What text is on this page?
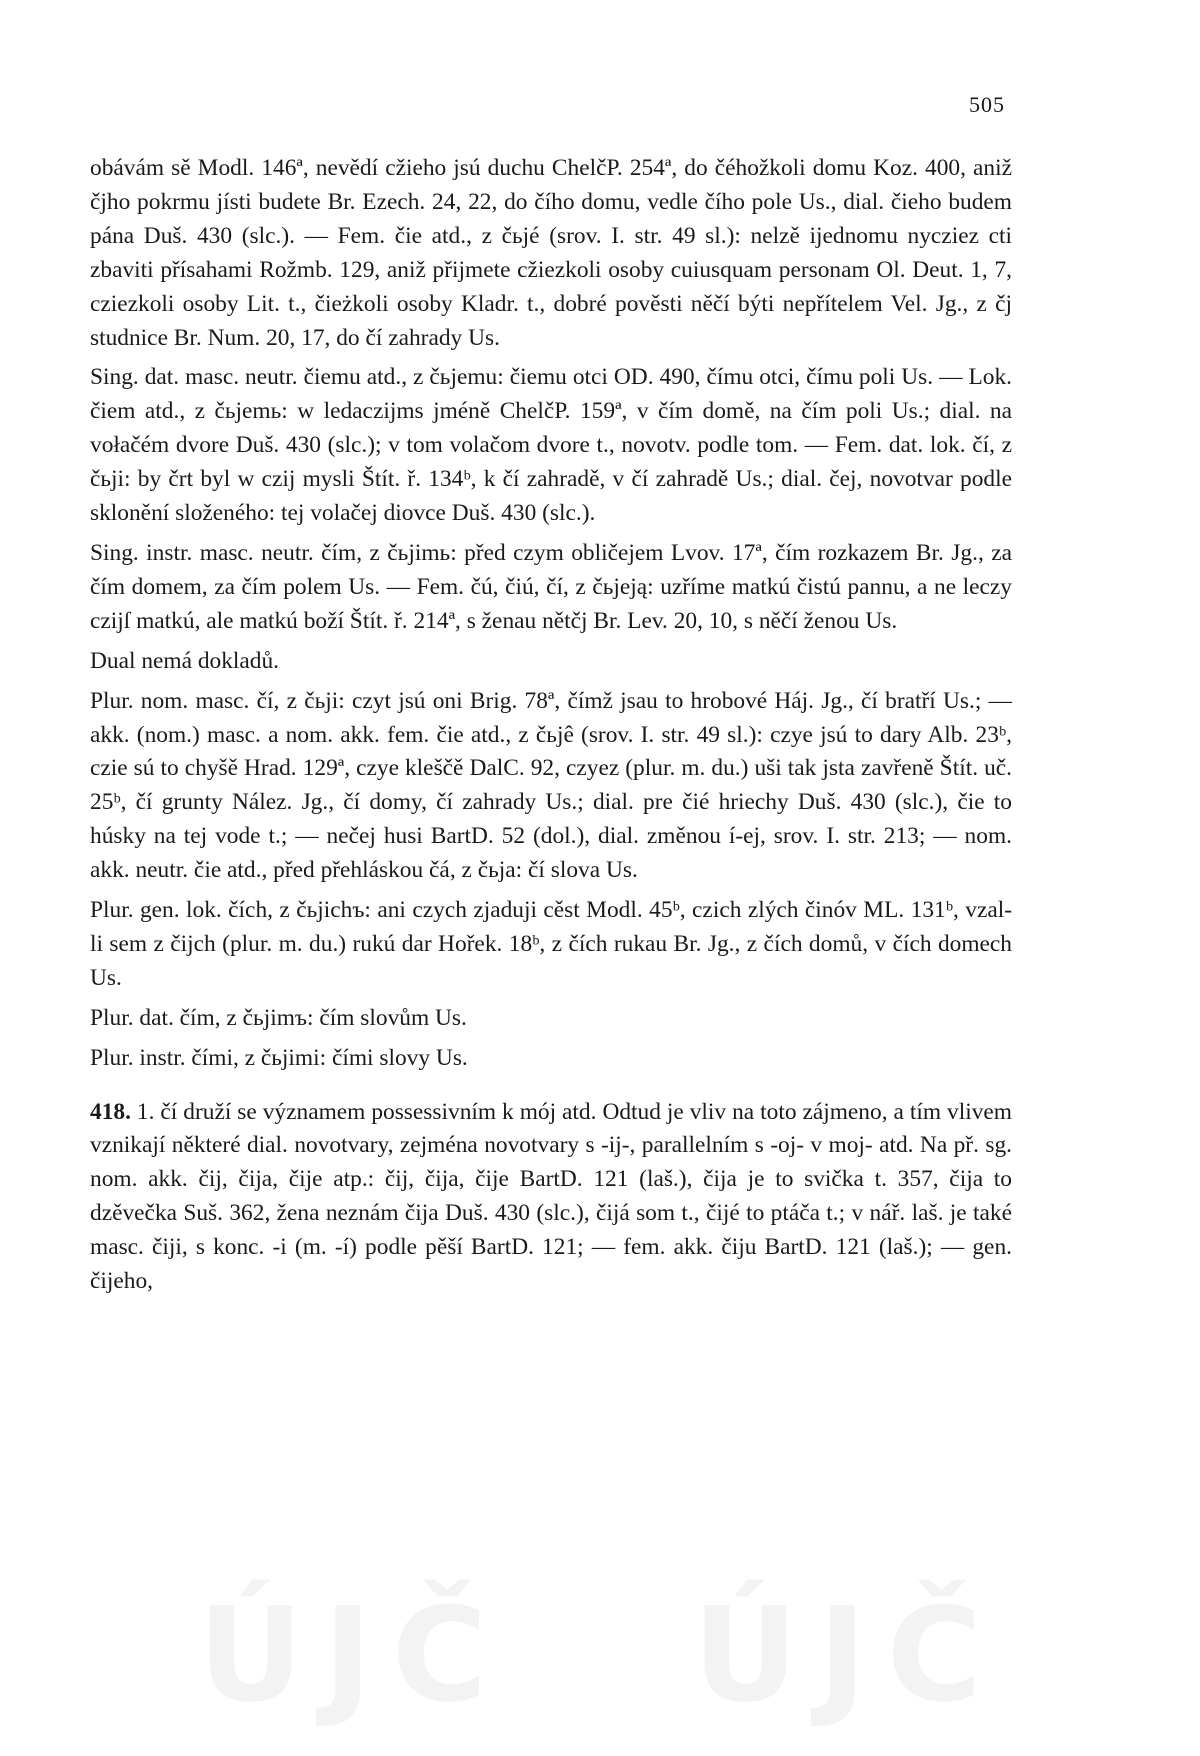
ÚJČ ÚJČ
505

obávám sě Modl. 146ª, nevědí cžieho jsú duchu ChelčP. 254ª, do čéhožkoli domu Koz. 400, aniž čjho pokrmu jísti budete Br. Ezech. 24, 22, do čího domu, vedle čího pole Us., dial. čieho budem pána Duš. 430 (slc.). — Fem. čie atd., z čьjé (srov. I. str. 49 sl.): nelzě ijednomu nycziez cti zbaviti přísahami Rožmb. 129, aniž přijmete cžiezkoli osoby cuiusquam personam Ol. Deut. 1, 7, cziezkoli osoby Lit. t., čieżkoli osoby Kladr. t., dobré pověsti něčí býti nepřítelem Vel. Jg., z čj studnice Br. Num. 20, 17, do čí zahrady Us.

Sing. dat. masc. neutr. čiemu atd., z čьjemu: čiemu otci OD. 490, čímu otci, čímu poli Us. — Lok. čiem atd., z čьjemь: w ledaczijms jméně ChelčP. 159ª, v čím domě, na čím poli Us.; dial. na vołačém dvore Duš. 430 (slc.); v tom volačom dvore t., novotv. podle tom. — Fem. dat. lok. čí, z čьji: by črt byl w czij mysli Štít. ř. 134ᵇ, k čí zahradě, v čí zahradě Us.; dial. čej, novotvar podle sklonění složeného: tej volačej diovce Duš. 430 (slc.).

Sing. instr. masc. neutr. čím, z čьjimь: před czym obličejem Lvov. 17ª, čím rozkazem Br. Jg., za čím domem, za čím polem Us. — Fem. čú, čiú, čí, z čьjeją: uzříme matkú čistú pannu, a ne leczy czijſ matkú, ale matkú boží Štít. ř. 214ª, s ženau nětčj Br. Lev. 20, 10, s něčí ženou Us.

Dual nemá dokladů.

Plur. nom. masc. čí, z čьji: czyt jsú oni Brig. 78ª, čímž jsau to hrobové Háj. Jg., čí bratří Us.; — akk. (nom.) masc. a nom. akk. fem. čie atd., z čьjê (srov. I. str. 49 sl.): czye jsú to dary Alb. 23ᵇ, czie sú to chyšě Hrad. 129ª, czye kleščě DalC. 92, czyez (plur. m. du.) uši tak jsta zavřeně Štít. uč. 25ᵇ, čí grunty Nález. Jg., čí domy, čí zahrady Us.; dial. pre čié hriechy Duš. 430 (slc.), čie to húsky na tej vode t.; — nečej husi BartD. 52 (dol.), dial. změnou í-ej, srov. I. str. 213; — nom. akk. neutr. čie atd., před přehláskou čá, z čьja: čí slova Us.

Plur. gen. lok. čích, z čьjichъ: ani czych zjaduji cěst Modl. 45ᵇ, czich zlých činóv ML. 131ᵇ, vzal-li sem z čijch (plur. m. du.) rukú dar Hořek. 18ᵇ, z čích rukau Br. Jg., z čích domů, v čích domech Us.

Plur. dat. čím, z čьjimъ: čím slovům Us.

Plur. instr. čími, z čьjimi: čími slovy Us.

418. 1. čí druží se významem possessivním k mój atd. Odtud je vliv na toto zájmeno, a tím vlivem vznikají některé dial. novotvary, zejména novotvary s -ij-, parallelním s -oj- v moj- atd. Na př. sg. nom. akk. čij, čija, čije atp.: čij, čija, čije BartD. 121 (laš.), čija je to svička t. 357, čija to dzěvečka Suš. 362, žena neznám čija Duš. 430 (slc.), čijá som t., čijé to ptáča t.; v nář. laš. je také masc. čiji, s konc. -i (m. -í) podle pěší BartD. 121; — fem. akk. čiju BartD. 121 (laš.); — gen. čijeho,
